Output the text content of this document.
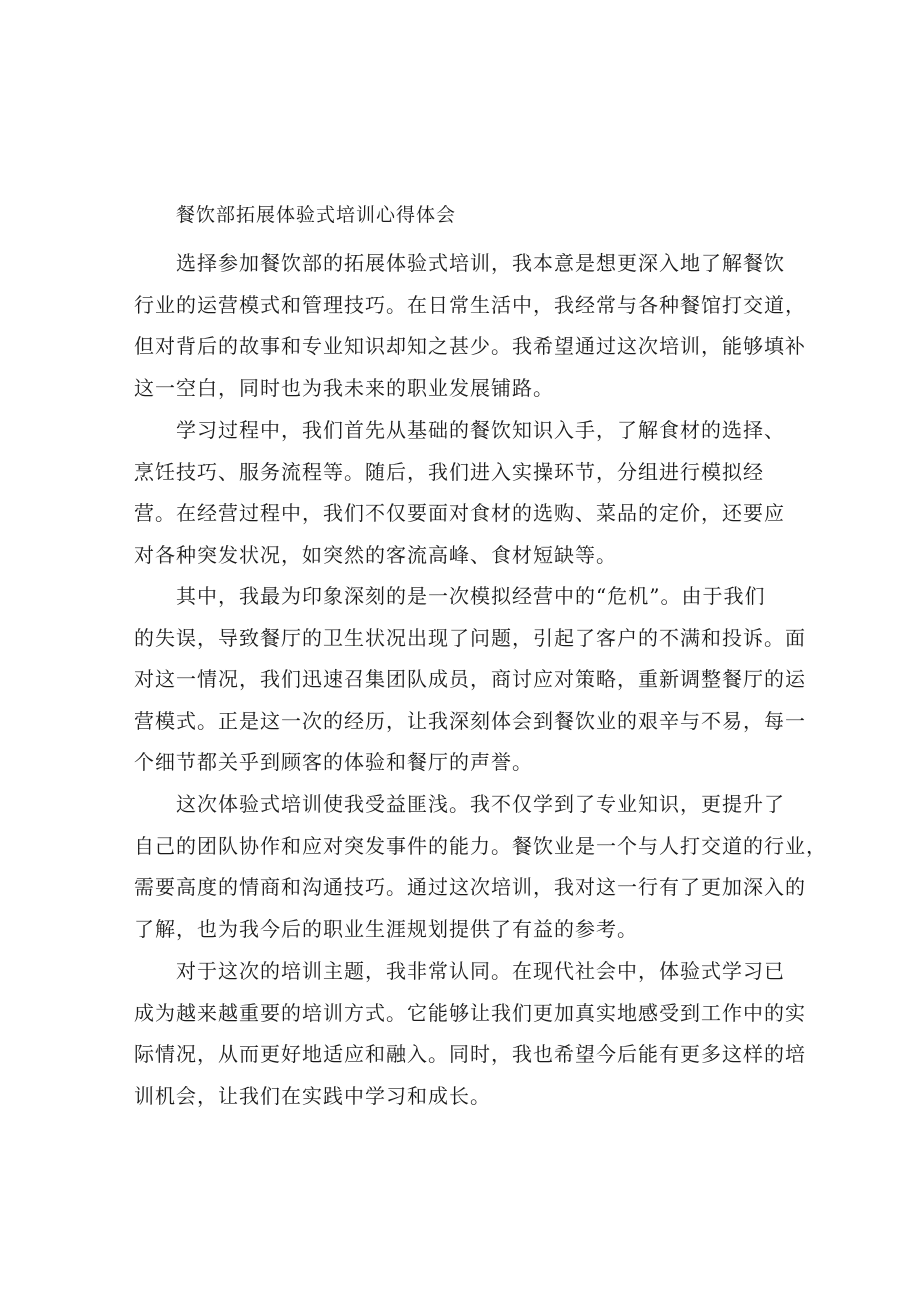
餐饮部拓展体验式培训心得体会

选择参加餐饮部的拓展体验式培训，我本意是想更深入地了解餐饮
行业的运营模式和管理技巧。在日常生活中，我经常与各种餐馆打交道，
但对背后的故事和专业知识却知之甚少。我希望通过这次培训，能够填补
这一空白，同时也为我未来的职业发展铺路。

学习过程中，我们首先从基础的餐饮知识入手，了解食材的选择、
烹饪技巧、服务流程等。随后，我们进入实操环节，分组进行模拟经
营。在经营过程中，我们不仅要面对食材的选购、菜品的定价，还要应
对各种突发状况，如突然的客流高峰、食材短缺等。

其中，我最为印象深刻的是一次模拟经营中的“危机”。由于我们
的失误，导致餐厅的卫生状况出现了问题，引起了客户的不满和投诉。面
对这一情况，我们迅速召集团队成员，商讨应对策略，重新调整餐厅的运
营模式。正是这一次的经历，让我深刻体会到餐饮业的艰辛与不易，每一
个细节都关乎到顾客的体验和餐厅的声誉。

这次体验式培训使我受益匪浅。我不仅学到了专业知识，更提升了
自己的团队协作和应对突发事件的能力。餐饮业是一个与人打交道的行业，
需要高度的情商和沟通技巧。通过这次培训，我对这一行有了更加深入的
了解，也为我今后的职业生涯规划提供了有益的参考。

对于这次的培训主题，我非常认同。在现代社会中，体验式学习已
成为越来越重要的培训方式。它能够让我们更加真实地感受到工作中的实
际情况，从而更好地适应和融入。同时，我也希望今后能有更多这样的培
训机会，让我们在实践中学习和成长。
